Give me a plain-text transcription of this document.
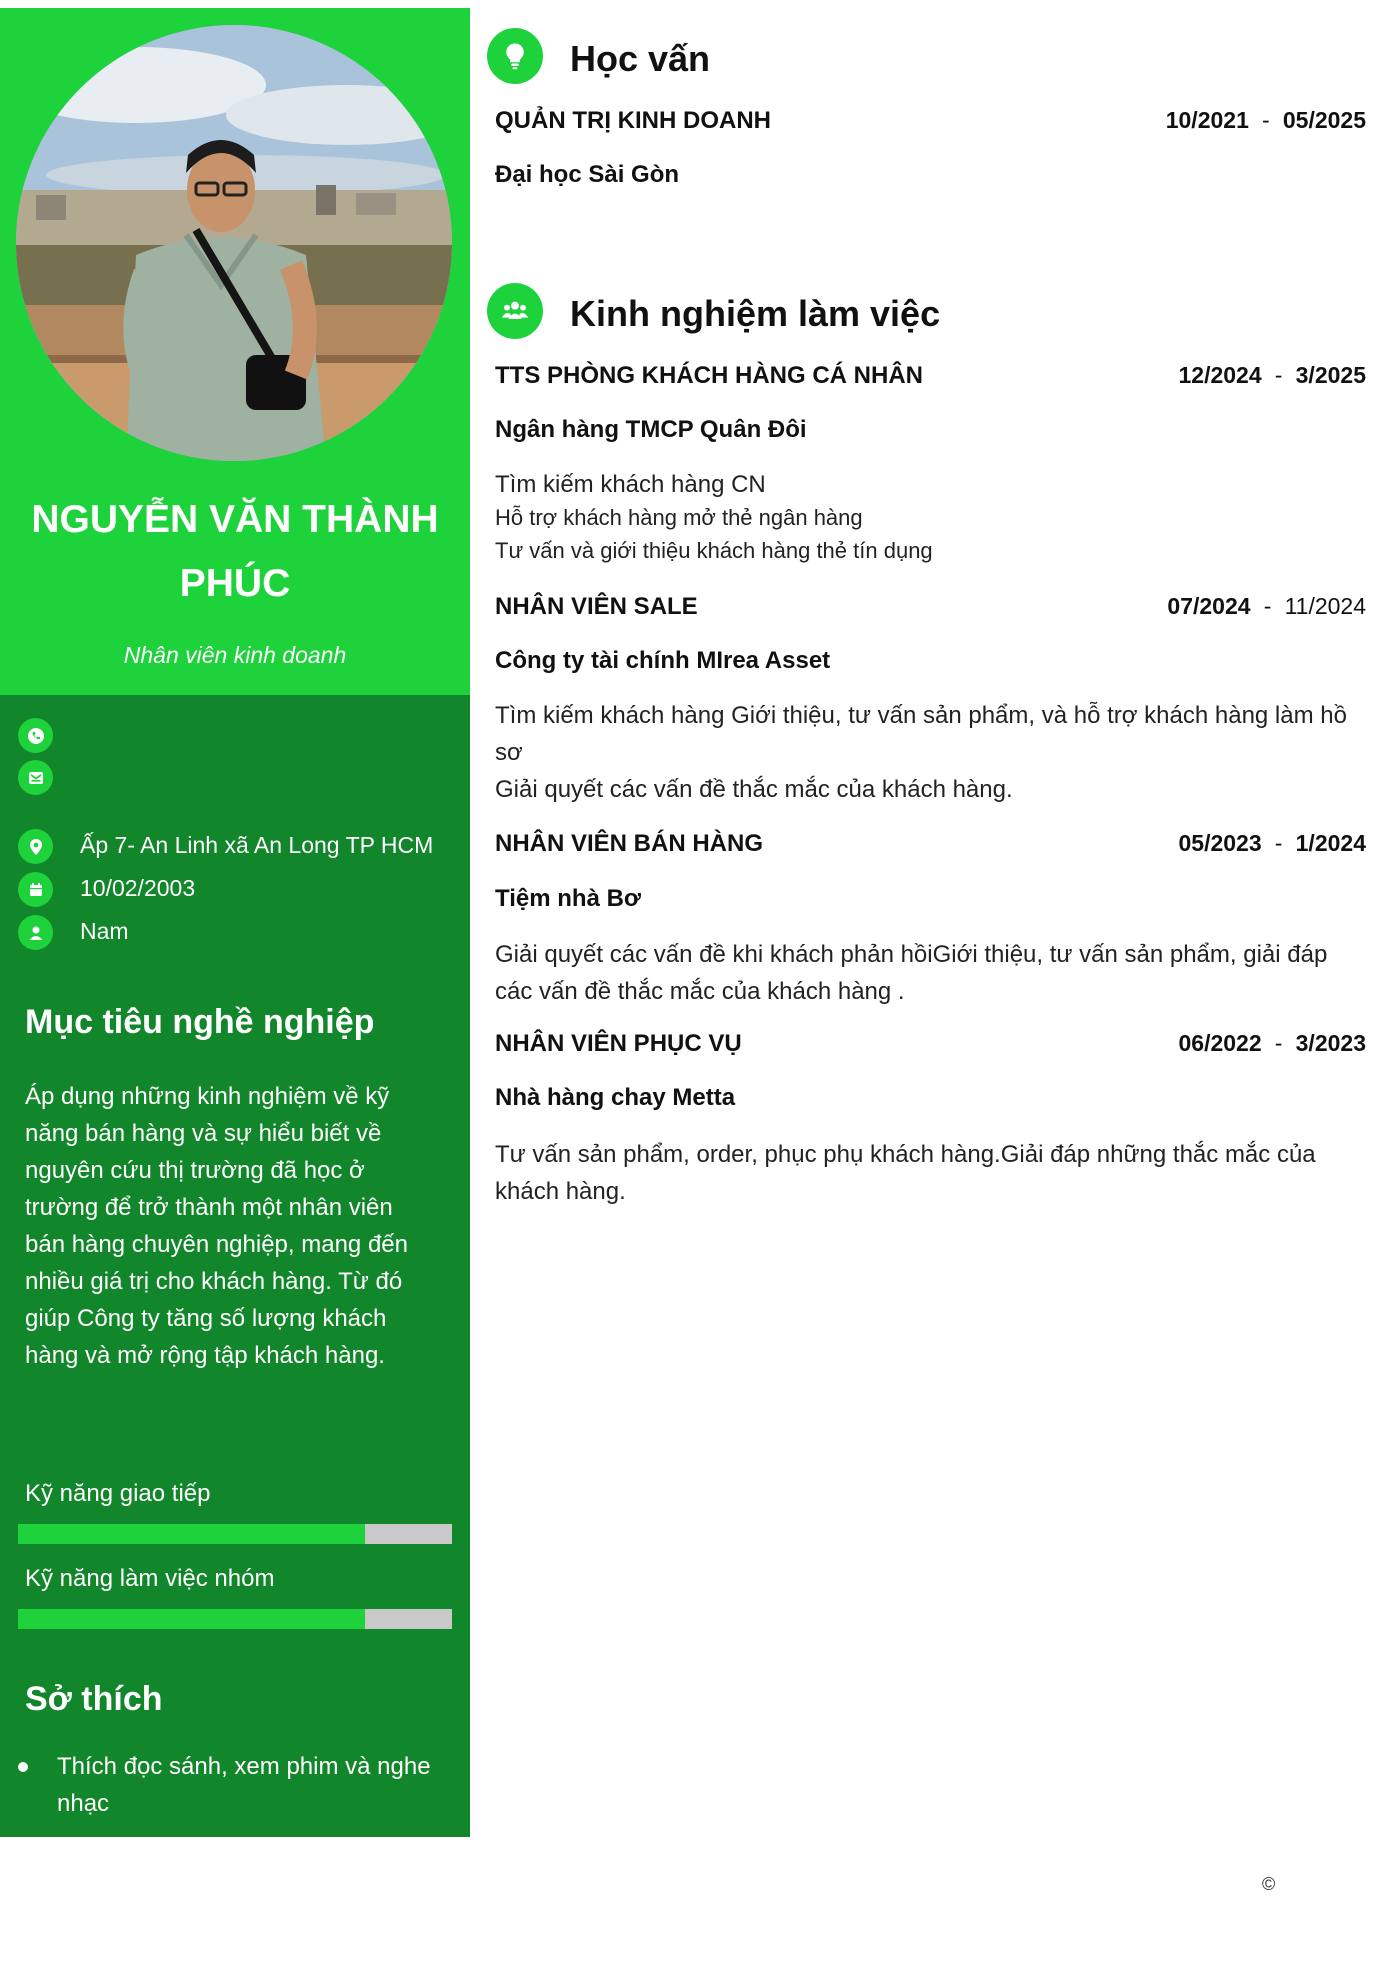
NGUYỄN VĂN THÀNH
PHÚC
Nhân viên kinh doanh
Ấp 7- An Linh xã An Long TP HCM
10/02/2003
Nam
Mục tiêu nghề nghiệp
Áp dụng những kinh nghiệm về kỹ năng bán hàng và sự hiểu biết về nguyên cứu thị trường đã học ở trường để trở thành một nhân viên bán hàng chuyên nghiệp, mang đến nhiều giá trị cho khách hàng. Từ đó giúp Công ty tăng số lượng khách hàng và mở rộng tập khách hàng.
Kỹ năng giao tiếp
Kỹ năng làm việc nhóm
Sở thích
Thích đọc sánh, xem phim và nghe nhạc
Học vấn
QUẢN TRỊ KINH DOANH	10/2021 - 05/2025
Đại học Sài Gòn
Kinh nghiệm làm việc
TTS PHÒNG KHÁCH HÀNG CÁ NHÂN	12/2024 - 3/2025
Ngân hàng TMCP Quân Đôi
Tìm kiếm khách hàng CN
Hỗ trợ khách hàng mở thẻ ngân hàng
Tư vấn và giới thiệu khách hàng thẻ tín dụng
NHÂN VIÊN SALE	07/2024 - 11/2024
Công ty tài chính MIrea Asset
Tìm kiếm khách hàng Giới thiệu, tư vấn sản phẩm, và hỗ trợ khách hàng làm hồ sơ
Giải quyết các vấn đề thắc mắc của khách hàng.
NHÂN VIÊN BÁN HÀNG	05/2023 - 1/2024
Tiệm nhà Bơ
Giải quyết các vấn đề khi khách phản hồiGiới thiệu, tư vấn sản phẩm, giải đáp các vấn đề thắc mắc của khách hàng .
NHÂN VIÊN PHỤC VỤ	06/2022 - 3/2023
Nhà hàng chay Metta
Tư vấn sản phẩm, order, phục phụ khách hàng.Giải đáp những thắc mắc của khách hàng.
©
